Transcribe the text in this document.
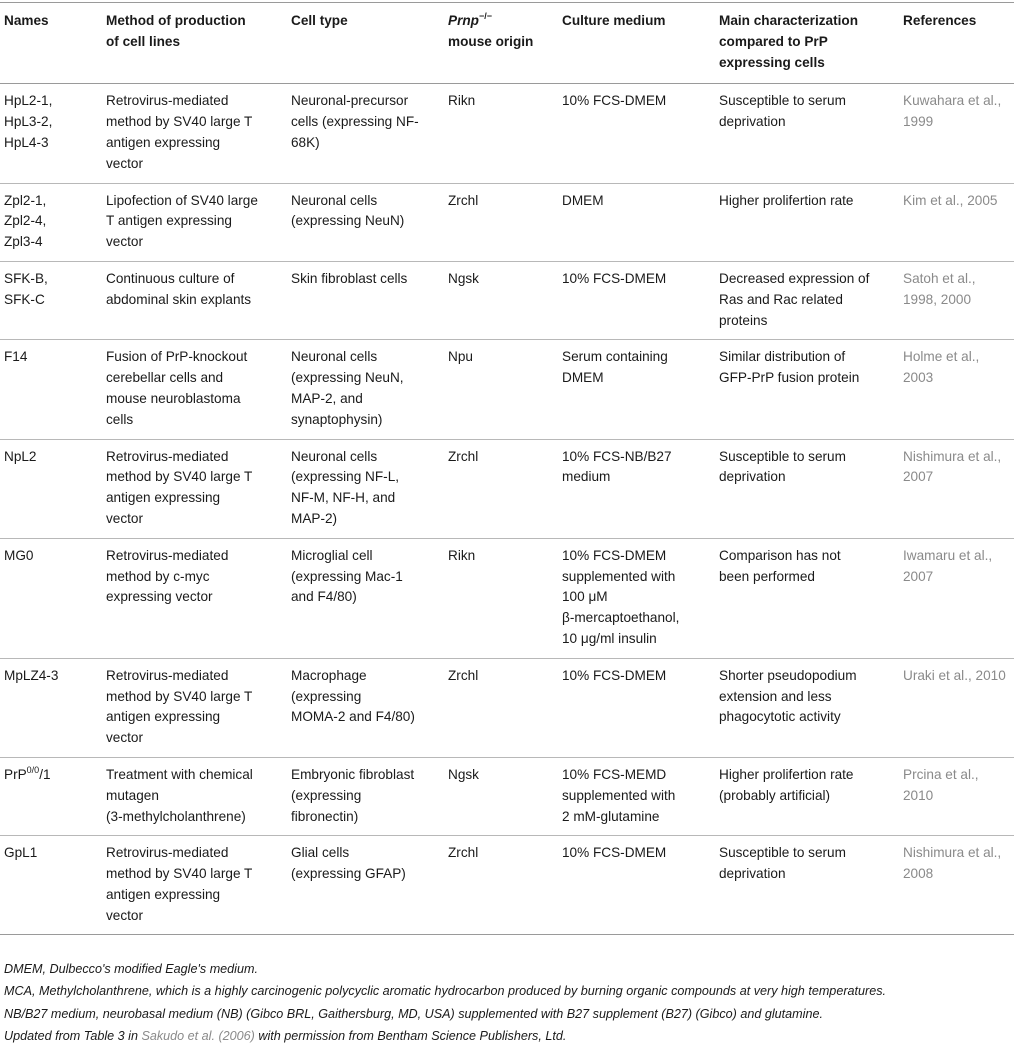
Names	Method of production
of cell lines	Cell type	Prnp−/−
mouse origin	Culture medium	Main characterization
compared to PrP
expressing cells	References

HpL2-1,
HpL3-2,
HpL4-3	Retrovirus-mediated
method by SV40 large T
antigen expressing
vector	Neuronal-precursor
cells (expressing NF-
68K)	Rikn	10% FCS-DMEM	Susceptible to serum
deprivation	Kuwahara et al.,
1999

Zpl2-1,
Zpl2-4,
Zpl3-4	Lipofection of SV40 large
T antigen expressing
vector	Neuronal cells
(expressing NeuN)	Zrchl	DMEM	Higher prolifertion rate	Kim et al., 2005

SFK-B,
SFK-C	Continuous culture of
abdominal skin explants	Skin fibroblast cells	Ngsk	10% FCS-DMEM	Decreased expression of
Ras and Rac related
proteins	Satoh et al.,
1998, 2000

F14	Fusion of PrP-knockout
cerebellar cells and
mouse neuroblastoma
cells	Neuronal cells
(expressing NeuN,
MAP-2, and
synaptophysin)	Npu	Serum containing
DMEM	Similar distribution of
GFP-PrP fusion protein	Holme et al.,
2003

NpL2	Retrovirus-mediated
method by SV40 large T
antigen expressing
vector	Neuronal cells
(expressing NF-L,
NF-M, NF-H, and
MAP-2)	Zrchl	10% FCS-NB/B27
medium	Susceptible to serum
deprivation	Nishimura et al.,
2007

MG0	Retrovirus-mediated
method by c-myc
expressing vector	Microglial cell
(expressing Mac-1
and F4/80)	Rikn	10% FCS-DMEM
supplemented with
100 μM
β-mercaptoethanol,
10 μg/ml insulin	Comparison has not
been performed	Iwamaru et al.,
2007

MpLZ4-3	Retrovirus-mediated
method by SV40 large T
antigen expressing
vector	Macrophage
(expressing
MOMA-2 and F4/80)	Zrchl	10% FCS-DMEM	Shorter pseudopodium
extension and less
phagocytotic activity	Uraki et al., 2010

PrP$^{0/0}$/1	Treatment with chemical
mutagen
(3-methylcholanthrene)	Embryonic fibroblast
(expressing
fibronectin)	Ngsk	10% FCS-MEMD
supplemented with
2 mM-glutamine	Higher prolifertion rate
(probably artificial)	Prcina et al.,
2010

GpL1	Retrovirus-mediated
method by SV40 large T
antigen expressing
vector	Glial cells
(expressing GFAP)	Zrchl	10% FCS-DMEM	Susceptible to serum
deprivation	Nishimura et al.,
2008

DMEM, Dulbecco's modified Eagle's medium.

MCA, Methylcholanthrene, which is a highly carcinogenic polycyclic aromatic hydrocarbon produced by burning organic compounds at very high temperatures.

NB/B27 medium, neurobasal medium (NB) (Gibco BRL, Gaithersburg, MD, USA) supplemented with B27 supplement (B27) (Gibco) and glutamine.

Updated from Table 3 in Sakudo et al. (2006) with permission from Bentham Science Publishers, Ltd.
